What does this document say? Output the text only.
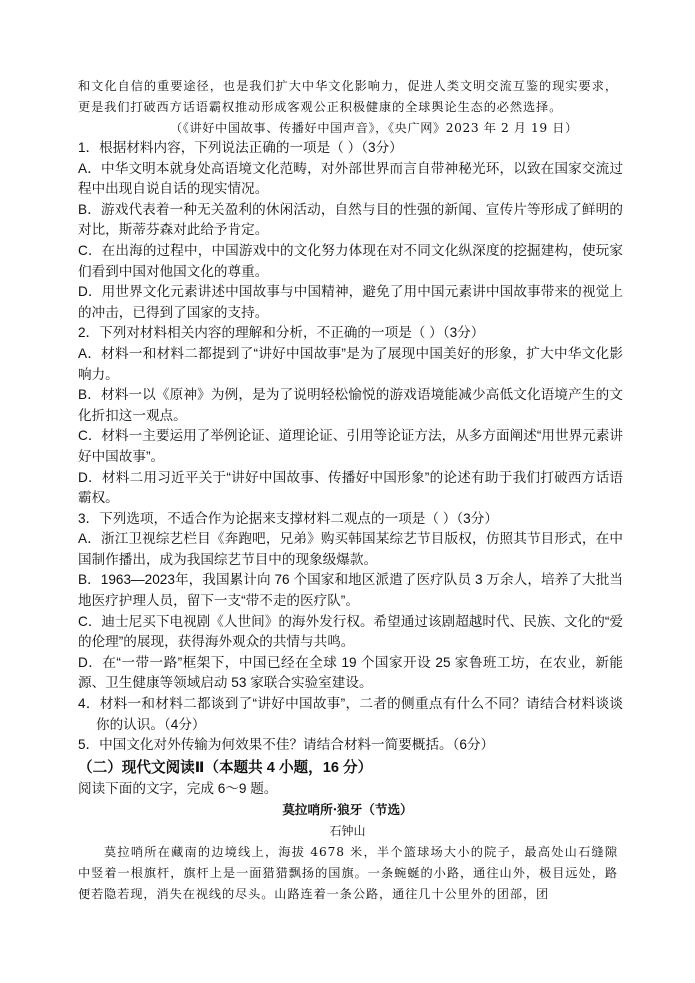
和文化自信的重要途径，也是我们扩大中华文化影响力，促进人类文明交流互鉴的现实要求，更是我们打破西方话语霸权推动形成客观公正积极健康的全球舆论生态的必然选择。
（《讲好中国故事、传播好中国声音》，《央广网》2023 年 2 月 19 日）

1．根据材料内容，下列说法正确的一项是（ ）（3分）

A．中华文明本就身处高语境文化范畴，对外部世界而言自带神秘光环，以致在国家交流过程中出现自说自话的现实情况。

B．游戏代表着一种无关盈利的休闲活动，自然与目的性强的新闻、宣传片等形成了鲜明的对比，斯蒂芬森对此给予肯定。

C．在出海的过程中，中国游戏中的文化努力体现在对不同文化纵深度的挖掘建构，使玩家们看到中国对他国文化的尊重。

D．用世界文化元素讲述中国故事与中国精神，避免了用中国元素讲中国故事带来的视觉上的冲击，已得到了国家的支持。

2．下列对材料相关内容的理解和分析，不正确的一项是（ ）（3分）

A．材料一和材料二都提到了“讲好中国故事”是为了展现中国美好的形象，扩大中华文化影响力。

B．材料一以《原神》为例，是为了说明轻松愉悦的游戏语境能减少高低文化语境产生的文化折扣这一观点。

C．材料一主要运用了举例论证、道理论证、引用等论证方法，从多方面阐述“用世界元素讲好中国故事”。

D．材料二用习近平关于“讲好中国故事、传播好中国形象”的论述有助于我们打破西方话语霸权。

3．下列选项，不适合作为论据来支撑材料二观点的一项是（ ）（3分）

A．浙江卫视综艺栏目《奔跑吧，兄弟》购买韩国某综艺节目版权，仿照其节目形式，在中国制作播出，成为我国综艺节目中的现象级爆款。

B．1963—2023年，我国累计向 76 个国家和地区派遣了医疗队员 3 万余人，培养了大批当地医疗护理人员，留下一支“带不走的医疗队”。

C．迪士尼买下电视剧《人世间》的海外发行权。希望通过该剧超越时代、民族、文化的“爱的伦理”的展现，获得海外观众的共情与共鸣。

D．在“一带一路”框架下，中国已经在全球 19 个国家开设 25 家鲁班工坊，在农业，新能源、卫生健康等领域启动 53 家联合实验室建设。

4．材料一和材料二都谈到了“讲好中国故事”，二者的侧重点有什么不同？请结合材料谈谈你的认识。（4分）

5．中国文化对外传输为何效果不佳？请结合材料一简要概括。（6分）

（二）现代文阅读Ⅱ（本题共 4 小题，16 分）
阅读下面的文字，完成 6～9 题。
莫拉哨所·狼牙（节选）
石钟山
莫拉哨所在藏南的边境线上，海拔 4678 米，半个篮球场大小的院子，最高处山石缝隙中竖着一根旗杆，旗杆上是一面猎猎飘扬的国旗。一条蜿蜒的小路，通往山外，极目远处，路便若隐若现，消失在视线的尽头。山路连着一条公路，通往几十公里外的团部，团
